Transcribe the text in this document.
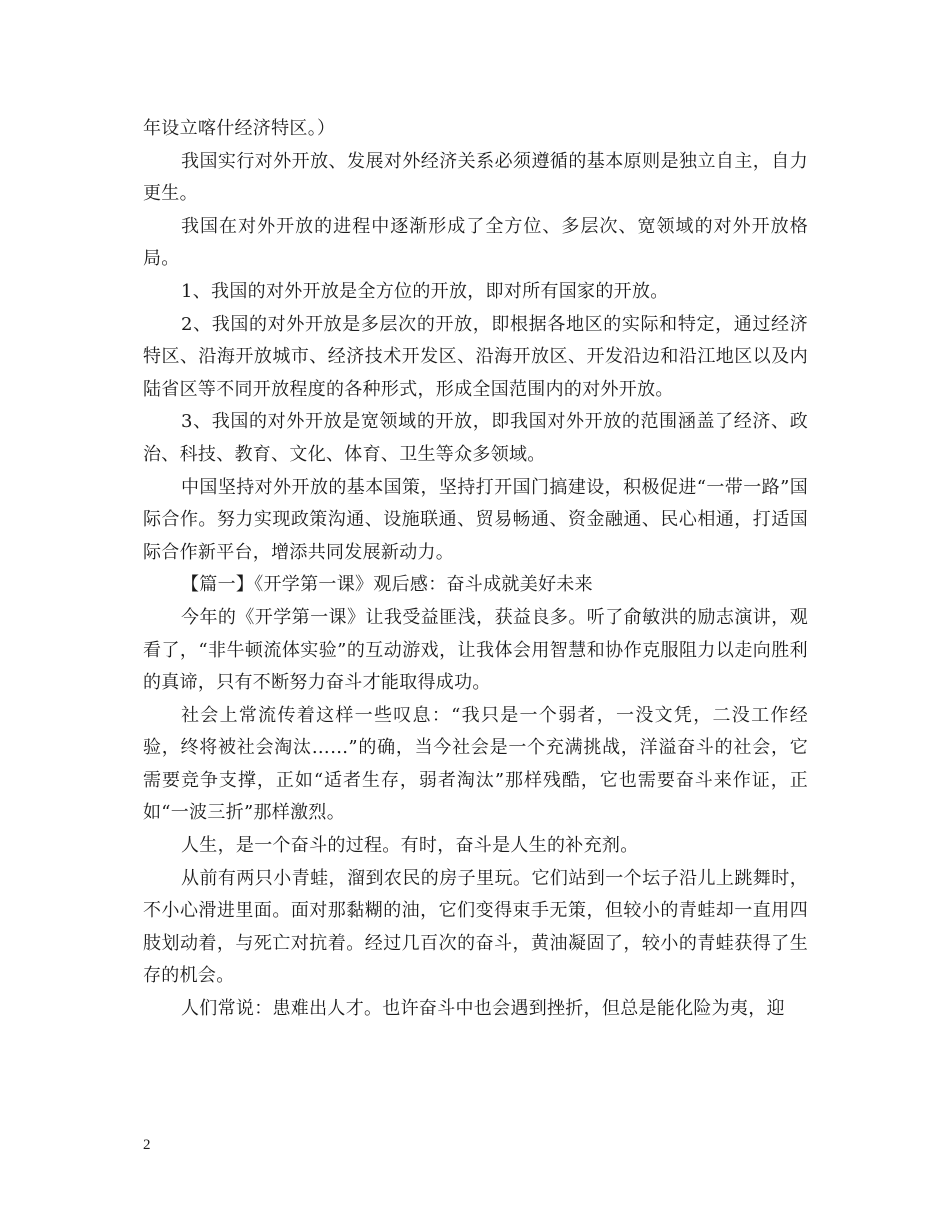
年设立喀什经济特区。）

我国实行对外开放、发展对外经济关系必须遵循的基本原则是独立自主，自力更生。

我国在对外开放的进程中逐渐形成了全方位、多层次、宽领域的对外开放格局。

1、我国的对外开放是全方位的开放，即对所有国家的开放。

2、我国的对外开放是多层次的开放，即根据各地区的实际和特定，通过经济特区、沿海开放城市、经济技术开发区、沿海开放区、开发沿边和沿江地区以及内陆省区等不同开放程度的各种形式，形成全国范围内的对外开放。

3、我国的对外开放是宽领域的开放，即我国对外开放的范围涵盖了经济、政治、科技、教育、文化、体育、卫生等众多领域。

中国坚持对外开放的基本国策，坚持打开国门搞建设，积极促进“一带一路”国际合作。努力实现政策沟通、设施联通、贸易畅通、资金融通、民心相通，打适国际合作新平台，增添共同发展新动力。

【篇一】《开学第一课》观后感：奋斗成就美好未来

今年的《开学第一课》让我受益匪浅，获益良多。听了俞敏洪的励志演讲，观看了，“非牛顿流体实验”的互动游戏，让我体会用智慧和协作克服阻力以走向胜利的真谛，只有不断努力奋斗才能取得成功。

社会上常流传着这样一些叹息：“我只是一个弱者，一没文凭，二没工作经验，终将被社会淘汰……”的确，当今社会是一个充满挑战，洋溢奋斗的社会，它需要竞争支撑，正如“适者生存，弱者淘汰”那样残酷，它也需要奋斗来作证，正如“一波三折”那样激烈。

人生，是一个奋斗的过程。有时，奋斗是人生的补充剂。

从前有两只小青蛙，溜到农民的房子里玩。它们站到一个坛子沿儿上跳舞时，不小心滑进里面。面对那黏糊的油，它们变得束手无策，但较小的青蛙却一直用四肢划动着，与死亡对抗着。经过几百次的奋斗，黄油凝固了，较小的青蛙获得了生存的机会。

人们常说：患难出人才。也许奋斗中也会遇到挫折，但总是能化险为夷，迎

2
